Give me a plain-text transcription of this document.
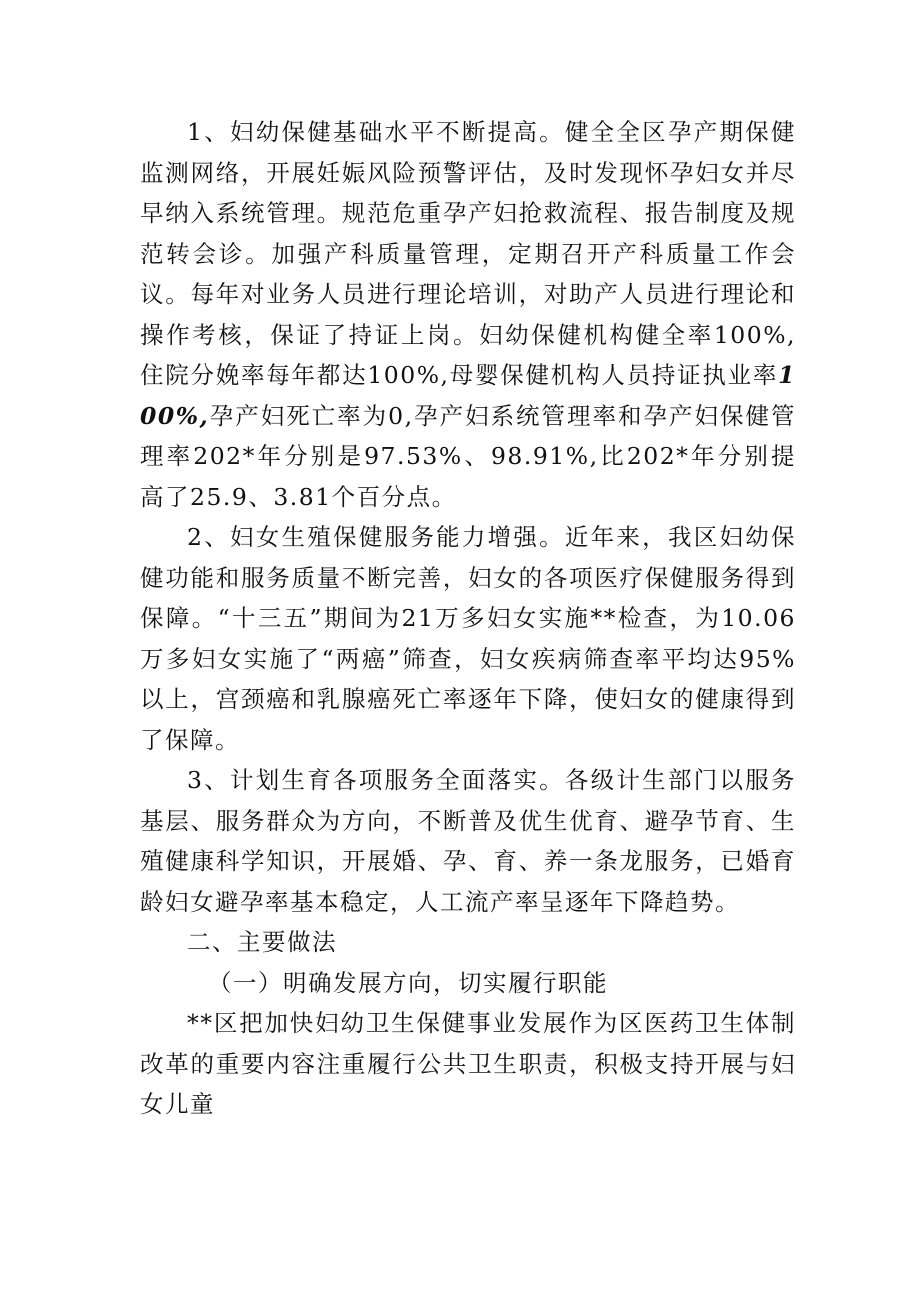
1、妇幼保健基础水平不断提高。健全全区孕产期保健监测网络，开展妊娠风险预警评估，及时发现怀孕妇女并尽早纳入系统管理。规范危重孕产妇抢救流程、报告制度及规范转会诊。加强产科质量管理，定期召开产科质量工作会议。每年对业务人员进行理论培训，对助产人员进行理论和操作考核，保证了持证上岗。妇幼保健机构健全率100%,住院分娩率每年都达100%,母婴保健机构人员持证执业率100%,孕产妇死亡率为0,孕产妇系统管理率和孕产妇保健管理率202*年分别是97.53%、98.91%,比202*年分别提高了25.9、3.81个百分点。

2、妇女生殖保健服务能力增强。近年来，我区妇幼保健功能和服务质量不断完善，妇女的各项医疗保健服务得到保障。“十三五”期间为21万多妇女实施**检查，为10.06万多妇女实施了“两癌”筛查，妇女疾病筛查率平均达95%以上，宫颈癌和乳腺癌死亡率逐年下降，使妇女的健康得到了保障。

3、计划生育各项服务全面落实。各级计生部门以服务基层、服务群众为方向，不断普及优生优育、避孕节育、生殖健康科学知识，开展婚、孕、育、养一条龙服务，已婚育龄妇女避孕率基本稳定，人工流产率呈逐年下降趋势。

二、主要做法

（一）明确发展方向，切实履行职能

**区把加快妇幼卫生保健事业发展作为区医药卫生体制改革的重要内容注重履行公共卫生职责，积极支持开展与妇女儿童
